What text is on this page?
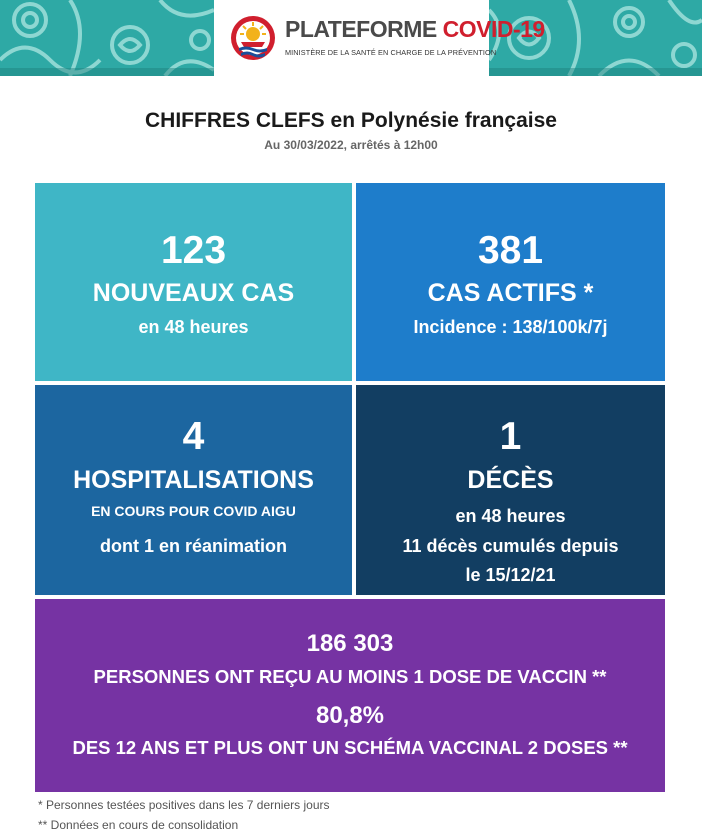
PLATEFORME COVID-19
MINISTÈRE DE LA SANTÉ EN CHARGE DE LA PRÉVENTION
CHIFFRES CLEFS en Polynésie française
Au 30/03/2022, arrêtés à 12h00
123
NOUVEAUX CAS
en 48 heures
381
CAS ACTIFS *
Incidence : 138/100k/7j
4
HOSPITALISATIONS
EN COURS POUR COVID AIGU
dont 1 en réanimation
1
DÉCÈS
en 48 heures
11 décès cumulés depuis
le 15/12/21
186 303
PERSONNES ONT REÇU AU MOINS 1 DOSE DE VACCIN **
80,8%
DES 12 ANS ET PLUS ONT UN SCHÉMA VACCINAL 2 DOSES **
* Personnes testées positives dans les 7 derniers jours
** Données en cours de consolidation
